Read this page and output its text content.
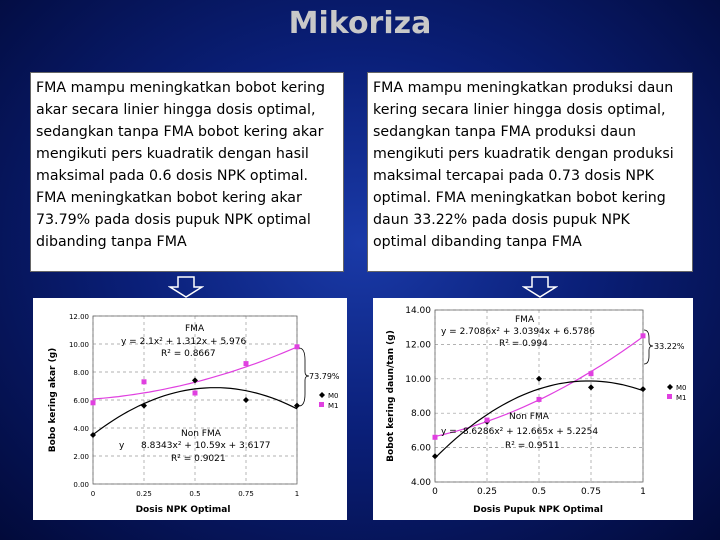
Mikoriza
FMA mampu meningkatkan bobot kering akar secara linier hingga dosis optimal, sedangkan tanpa FMA bobot kering akar mengikuti pers kuadratik dengan hasil maksimal pada 0.6 dosis NPK optimal. FMA meningkatkan bobot kering akar 73.79% pada dosis pupuk NPK optimal dibanding tanpa FMA
FMA mampu meningkatkan produksi daun kering secara linier hingga dosis optimal, sedangkan tanpa FMA produksi daun mengikuti pers kuadratik dengan produksi maksimal tercapai pada 0.73 dosis NPK optimal. FMA meningkatkan bobot kering daun 33.22% pada dosis pupuk NPK optimal dibanding tanpa FMA
0.00
2.00
4.00
6.00
8.00
10.00
12.00
0	0.25	0.5	0.75	1
Bobo kering akar (g)
Dosis NPK Optimal
FMA
y = 2.1x² + 1.312x + 5.976
R² = 0.8667
Non FMA
y 8.8343x² + 10.59x + 3.6177
R² = 0.9021
73.79%
M0
M1
4.00
6.00
8.00
10.00
12.00
14.00
0	0.25	0.5	0.75	1
Bobot kering daun/tan (g)
Dosis Pupuk NPK Optimal
FMA
y = 2.7086x² + 3.0394x + 6.5786
R² = 0.994
Non FMA
y = -8.6286x² + 12.665x + 5.2254
R² = 0.9511
33.22%
M0
M1
